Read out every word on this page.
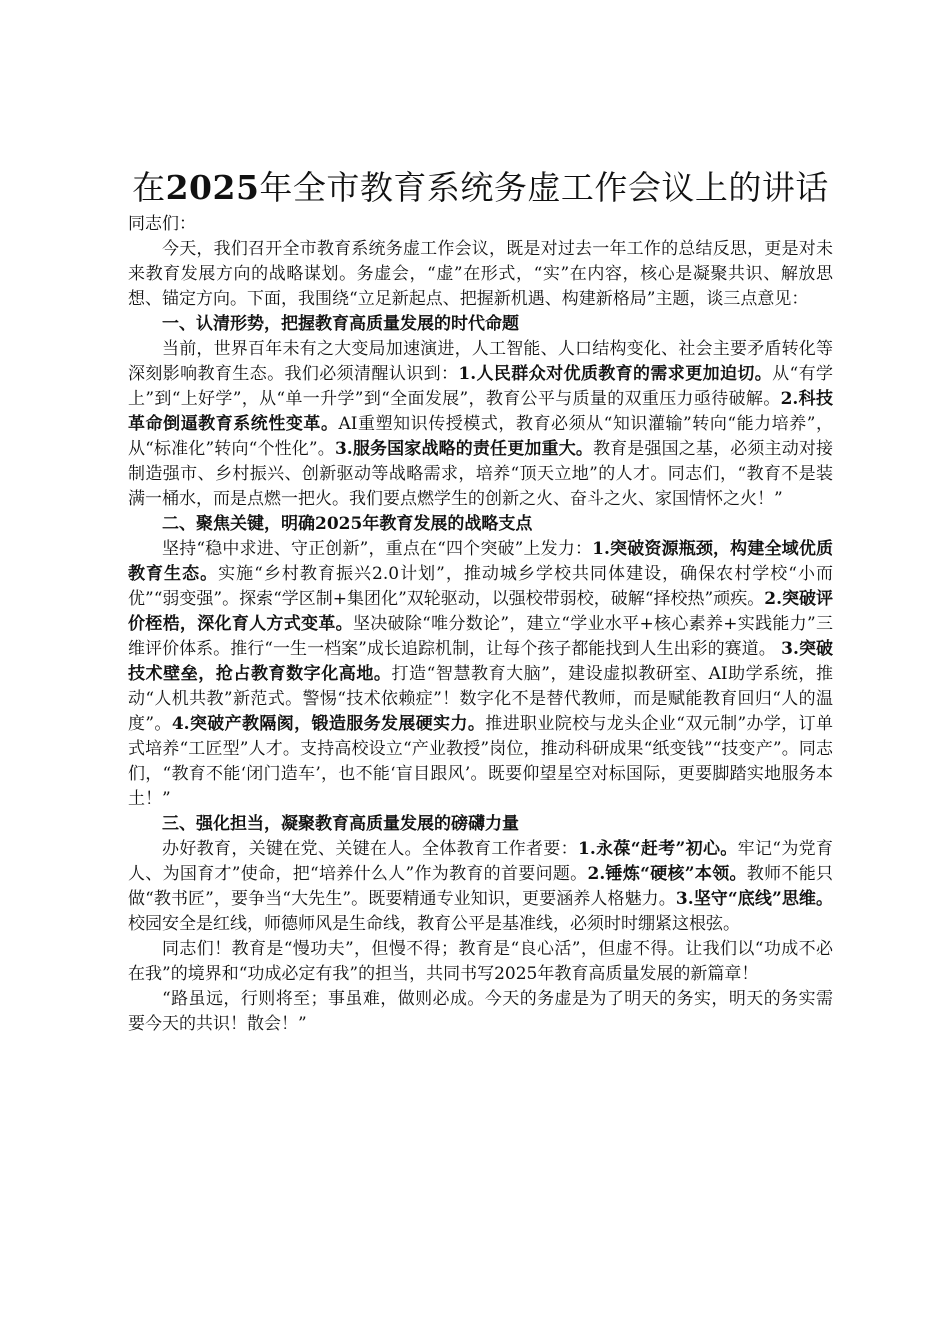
在2025年全市教育系统务虚工作会议上的讲话

同志们：

今天，我们召开全市教育系统务虚工作会议，既是对过去一年工作的总结反思，更是对未来教育发展方向的战略谋划。务虚会，“虚”在形式，“实”在内容，核心是凝聚共识、解放思想、锚定方向。下面，我围绕“立足新起点、把握新机遇、构建新格局”主题，谈三点意见：

一、认清形势，把握教育高质量发展的时代命题

当前，世界百年未有之大变局加速演进，人工智能、人口结构变化、社会主要矛盾转化等深刻影响教育生态。我们必须清醒认识到：1.人民群众对优质教育的需求更加迫切。从“有学上”到“上好学”，从“单一升学”到“全面发展”，教育公平与质量的双重压力亟待破解。2.科技革命倒逼教育系统性变革。AI重塑知识传授模式，教育必须从“知识灌输”转向“能力培养”，从“标准化”转向“个性化”。3.服务国家战略的责任更加重大。教育是强国之基，必须主动对接制造强市、乡村振兴、创新驱动等战略需求，培养“顶天立地”的人才。同志们，“教育不是装满一桶水，而是点燃一把火。我们要点燃学生的创新之火、奋斗之火、家国情怀之火！”

二、聚焦关键，明确2025年教育发展的战略支点

坚持“稳中求进、守正创新”，重点在“四个突破”上发力：1.突破资源瓶颈，构建全域优质教育生态。实施“乡村教育振兴2.0计划”，推动城乡学校共同体建设，确保农村学校“小而优”“弱变强”。探索“学区制+集团化”双轮驱动，以强校带弱校，破解“择校热”顽疾。2.突破评价桎梏，深化育人方式变革。坚决破除“唯分数论”，建立“学业水平+核心素养+实践能力”三维评价体系。推行“一生一档案”成长追踪机制，让每个孩子都能找到人生出彩的赛道。 3.突破技术壁垒，抢占教育数字化高地。打造“智慧教育大脑”，建设虚拟教研室、AI助学系统，推动“人机共教”新范式。警惕“技术依赖症”！数字化不是替代教师，而是赋能教育回归“人的温度”。4.突破产教隔阂，锻造服务发展硬实力。推进职业院校与龙头企业“双元制”办学，订单式培养“工匠型”人才。支持高校设立“产业教授”岗位，推动科研成果“纸变钱”“技变产”。同志们，“教育不能‘闭门造车’，也不能‘盲目跟风’。既要仰望星空对标国际，更要脚踏实地服务本土！”

三、强化担当，凝聚教育高质量发展的磅礴力量

办好教育，关键在党、关键在人。全体教育工作者要：1.永葆“赶考”初心。牢记“为党育人、为国育才”使命，把“培养什么人”作为教育的首要问题。2.锤炼“硬核”本领。教师不能只做“教书匠”，要争当“大先生”。既要精通专业知识，更要涵养人格魅力。3.坚守“底线”思维。校园安全是红线，师德师风是生命线，教育公平是基准线，必须时时绷紧这根弦。

同志们！教育是“慢功夫”，但慢不得；教育是“良心活”，但虚不得。让我们以“功成不必在我”的境界和“功成必定有我”的担当，共同书写2025年教育高质量发展的新篇章！

“路虽远，行则将至；事虽难，做则必成。今天的务虚是为了明天的务实，明天的务实需要今天的共识！散会！”
